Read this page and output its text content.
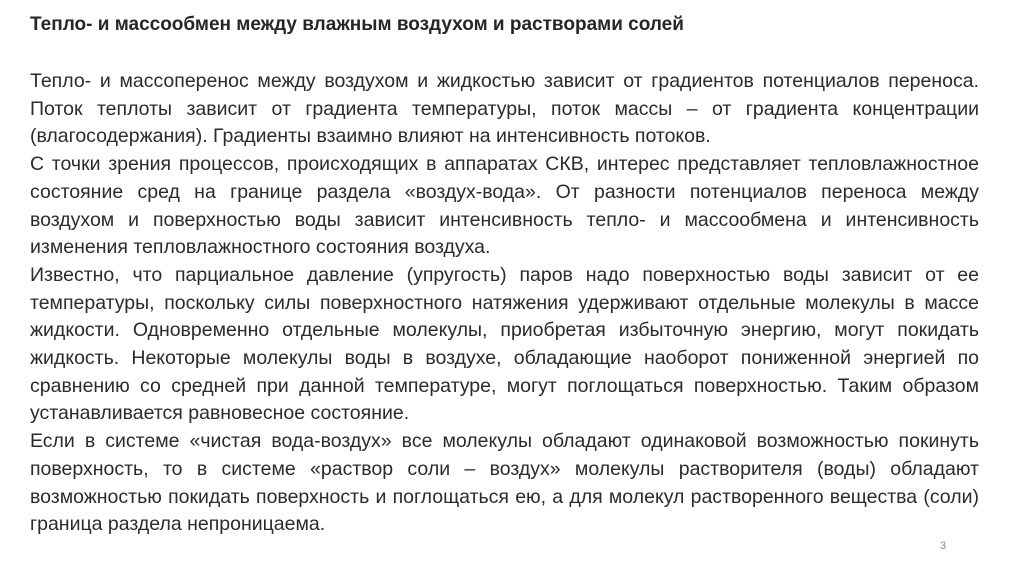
Тепло- и массообмен между влажным воздухом и растворами солей

Тепло- и массоперенос между воздухом и жидкостью зависит от градиентов потенциалов переноса. Поток теплоты зависит от градиента температуры, поток массы – от градиента концентрации (влагосодержания). Градиенты взаимно влияют на интенсивность потоков.

С точки зрения процессов, происходящих в аппаратах СКВ, интерес представляет тепловлажностное состояние сред на границе раздела «воздух-вода». От разности потенциалов переноса между воздухом и поверхностью воды зависит интенсивность тепло- и массообмена и интенсивность изменения тепловлажностного состояния воздуха.

Известно, что парциальное давление (упругость) паров надо поверхностью воды зависит от ее температуры, поскольку силы поверхностного натяжения удерживают отдельные молекулы в массе жидкости. Одновременно отдельные молекулы, приобретая избыточную энергию, могут покидать жидкость. Некоторые молекулы воды в воздухе, обладающие наоборот пониженной энергией по сравнению со средней при данной температуре, могут поглощаться поверхностью. Таким образом устанавливается равновесное состояние.

Если в системе «чистая вода-воздух» все молекулы обладают одинаковой возможностью покинуть поверхность, то в системе «раствор соли – воздух» молекулы растворителя (воды) обладают возможностью покидать поверхность и поглощаться ею, а для молекул растворенного вещества (соли) граница раздела непроницаема.

3
